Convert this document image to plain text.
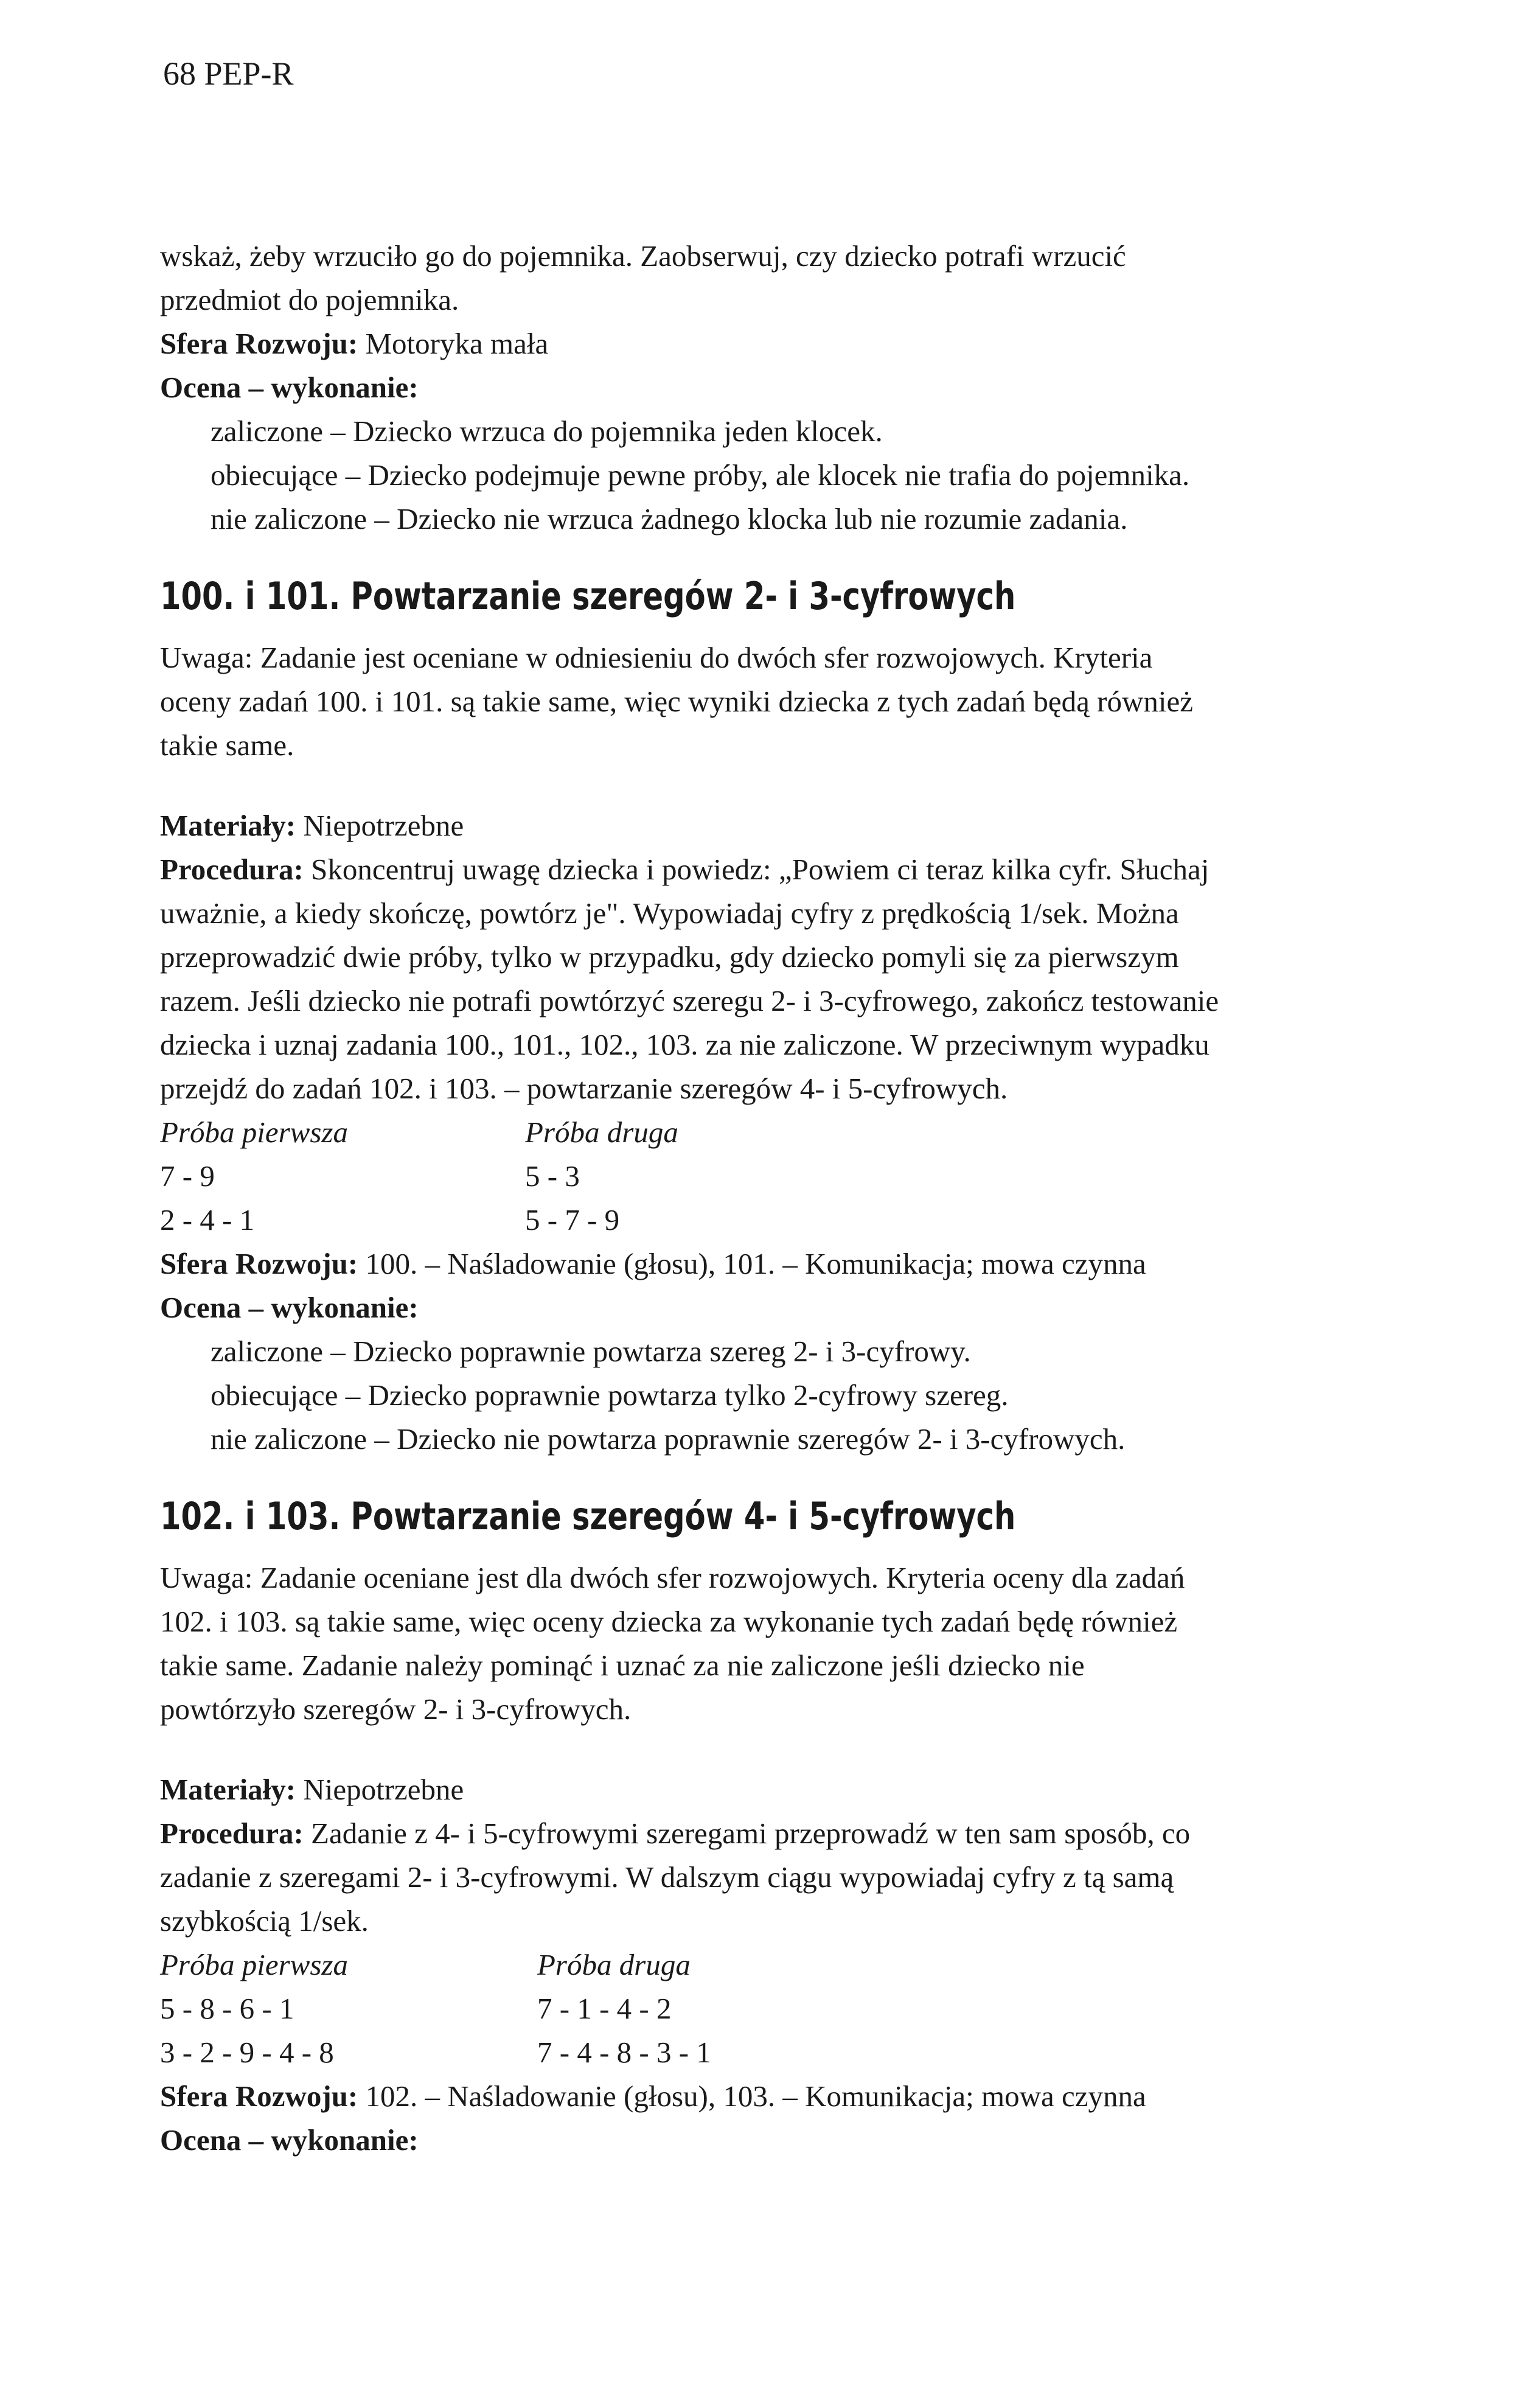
68 PEP-R
wskaż, żeby wrzuciło go do pojemnika. Zaobserwuj, czy dziecko potrafi wrzucić
przedmiot do pojemnika.
Sfera Rozwoju: Motoryka mała
Ocena – wykonanie:
zaliczone – Dziecko wrzuca do pojemnika jeden klocek.
obiecujące – Dziecko podejmuje pewne próby, ale klocek nie trafia do pojemnika.
nie zaliczone – Dziecko nie wrzuca żadnego klocka lub nie rozumie zadania.
100. i 101. Powtarzanie szeregów 2- i 3-cyfrowych
Uwaga: Zadanie jest oceniane w odniesieniu do dwóch sfer rozwojowych. Kryteria
oceny zadań 100. i 101. są takie same, więc wyniki dziecka z tych zadań będą również
takie same.
Materiały: Niepotrzebne
Procedura: Skoncentruj uwagę dziecka i powiedz: „Powiem ci teraz kilka cyfr. Słuchaj
uważnie, a kiedy skończę, powtórz je". Wypowiadaj cyfry z prędkością 1/sek. Można
przeprowadzić dwie próby, tylko w przypadku, gdy dziecko pomyli się za pierwszym
razem. Jeśli dziecko nie potrafi powtórzyć szeregu 2- i 3-cyfrowego, zakończ testowanie
dziecka i uznaj zadania 100., 101., 102., 103. za nie zaliczone. W przeciwnym wypadku
przejdź do zadań 102. i 103. – powtarzanie szeregów 4- i 5-cyfrowych.
Próba pierwsza	Próba druga
7 - 9	5 - 3
2 - 4 - 1	5 - 7 - 9
Sfera Rozwoju: 100. – Naśladowanie (głosu), 101. – Komunikacja; mowa czynna
Ocena – wykonanie:
zaliczone – Dziecko poprawnie powtarza szereg 2- i 3-cyfrowy.
obiecujące – Dziecko poprawnie powtarza tylko 2-cyfrowy szereg.
nie zaliczone – Dziecko nie powtarza poprawnie szeregów 2- i 3-cyfrowych.
102. i 103. Powtarzanie szeregów 4- i 5-cyfrowych
Uwaga: Zadanie oceniane jest dla dwóch sfer rozwojowych. Kryteria oceny dla zadań
102. i 103. są takie same, więc oceny dziecka za wykonanie tych zadań będę również
takie same. Zadanie należy pominąć i uznać za nie zaliczone jeśli dziecko nie
powtórzyło szeregów 2- i 3-cyfrowych.
Materiały: Niepotrzebne
Procedura: Zadanie z 4- i 5-cyfrowymi szeregami przeprowadź w ten sam sposób, co
zadanie z szeregami 2- i 3-cyfrowymi. W dalszym ciągu wypowiadaj cyfry z tą samą
szybkością 1/sek.
Próba pierwsza	Próba druga
5 - 8 - 6 - 1	7 - 1 - 4 - 2
3 - 2 - 9 - 4 - 8	7 - 4 - 8 - 3 - 1
Sfera Rozwoju: 102. – Naśladowanie (głosu), 103. – Komunikacja; mowa czynna
Ocena – wykonanie:
